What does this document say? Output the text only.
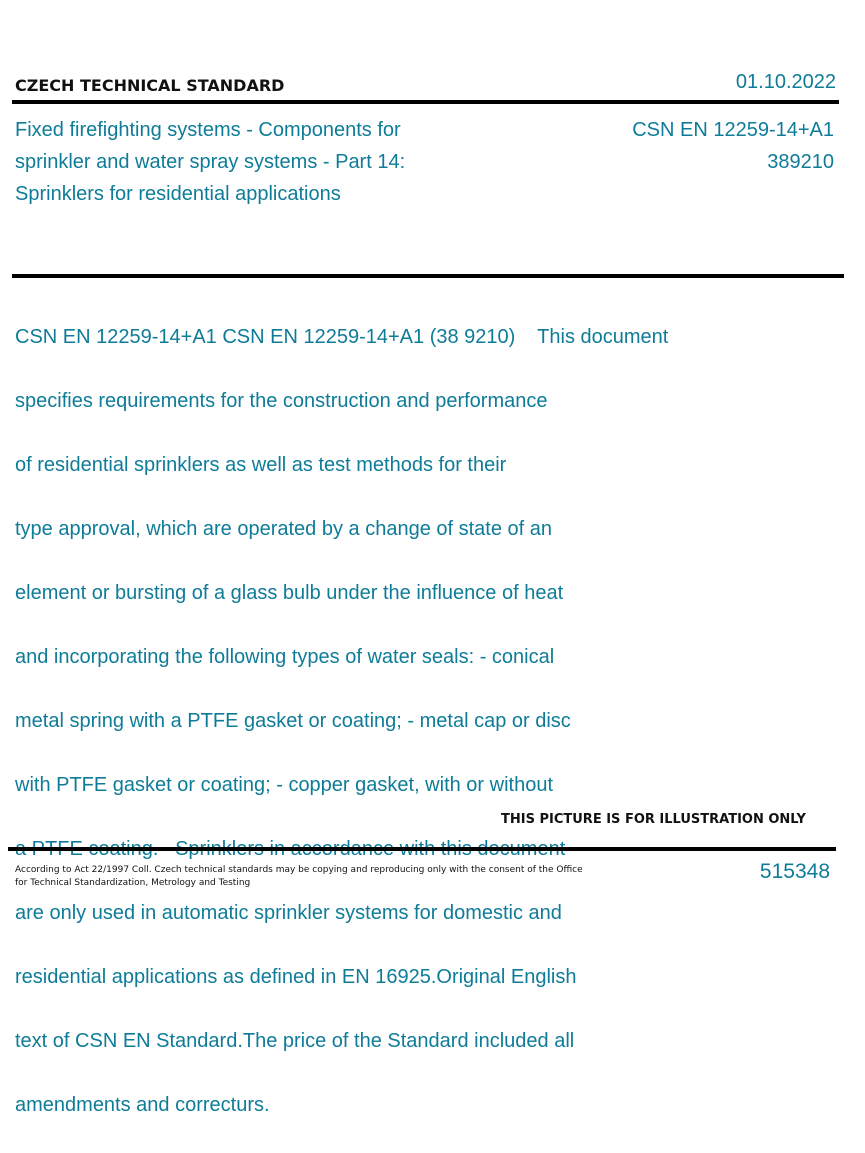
CZECH TECHNICAL STANDARD	01.10.2022
Fixed firefighting systems - Components for
sprinkler and water spray systems - Part 14:
Sprinklers for residential applications
CSN EN 12259-14+A1
389210

CSN EN 12259-14+A1 CSN EN 12259-14+A1 (38 9210)    This document

specifies requirements for the construction and performance

of residential sprinklers as well as test methods for their

type approval, which are operated by a change of state of an

element or bursting of a glass bulb under the influence of heat

and incorporating the following types of water seals: - conical

metal spring with a PTFE gasket or coating; - metal cap or disc

with PTFE gasket or coating; - copper gasket, with or without

are only used in automatic sprinkler systems for domestic and

residential applications as defined in EN 16925.Original English

text of CSN EN Standard.The price of the Standard included all

amendments and correcturs.

THIS PICTURE IS FOR ILLUSTRATION ONLY
According to Act 22/1997 Coll. Czech technical standards may be copying and reproducing only with the consent of the Office
for Technical Standardization, Metrology and Testing	515348
